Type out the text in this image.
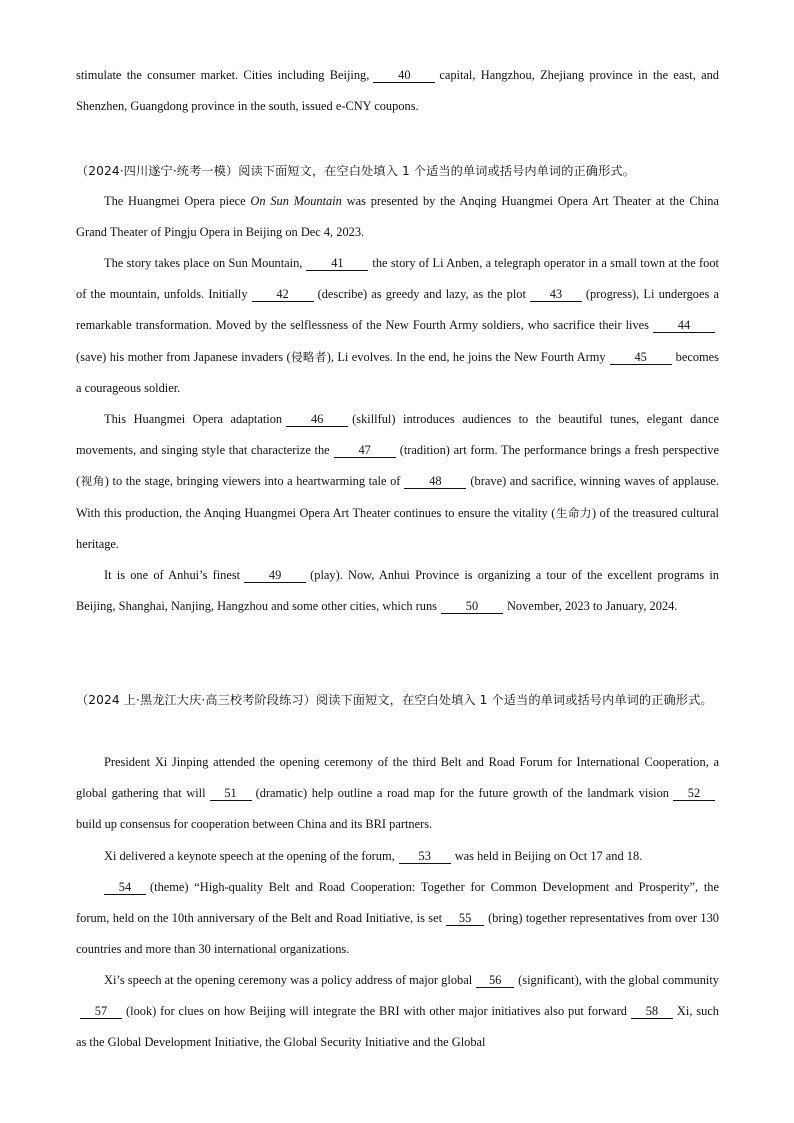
stimulate the consumer market. Cities including Beijing, 40 capital, Hangzhou, Zhejiang province in the east, and Shenzhen, Guangdong province in the south, issued e-CNY coupons.

（2024·四川遂宁·统考一模）阅读下面短文，在空白处填入 1 个适当的单词或括号内单词的正确形式。

The Huangmei Opera piece On Sun Mountain was presented by the Anqing Huangmei Opera Art Theater at the China Grand Theater of Pingju Opera in Beijing on Dec 4, 2023.

The story takes place on Sun Mountain, 41 the story of Li Anben, a telegraph operator in a small town at the foot of the mountain, unfolds. Initially 42 (describe) as greedy and lazy, as the plot 43 (progress), Li undergoes a remarkable transformation. Moved by the selflessness of the New Fourth Army soldiers, who sacrifice their lives 44(save) his mother from Japanese invaders (侵略者), Li evolves. In the end, he joins the New Fourth Army 45 becomes a courageous soldier.

This Huangmei Opera adaptation 46 (skillful) introduces audiences to the beautiful tunes, elegant dance movements, and singing style that characterize the 47 (tradition) art form. The performance brings a fresh perspective (视角) to the stage, bringing viewers into a heartwarming tale of 48 (brave) and sacrifice, winning waves of applause. With this production, the Anqing Huangmei Opera Art Theater continues to ensure the vitality (生命力) of the treasured cultural heritage.

It is one of Anhui’s finest 49 (play). Now, Anhui Province is organizing a tour of the excellent programs in Beijing, Shanghai, Nanjing, Hangzhou and some other cities, which runs 50 November, 2023 to January, 2024.

（2024 上·黑龙江大庆·高三校考阶段练习）阅读下面短文，在空白处填入 1 个适当的单词或括号内单词的正确形式。

President Xi Jinping attended the opening ceremony of the third Belt and Road Forum for International Cooperation, a global gathering that will 51 (dramatic) help outline a road map for the future growth of the landmark vision 52build up consensus for cooperation between China and its BRI partners.

Xi delivered a keynote speech at the opening of the forum, 53 was held in Beijing on Oct 17 and 18.

54 (theme) “High-quality Belt and Road Cooperation: Together for Common Development and Prosperity”, the forum, held on the 10th anniversary of the Belt and Road Initiative, is set 55 (bring) together representatives from over 130 countries and more than 30 international organizations.

Xi’s speech at the opening ceremony was a policy address of major global 56 (significant), with the global community57 (look) for clues on how Beijing will integrate the BRI with other major initiatives also put forward 58 Xi, such as the Global Development Initiative, the Global Security Initiative and the Global
